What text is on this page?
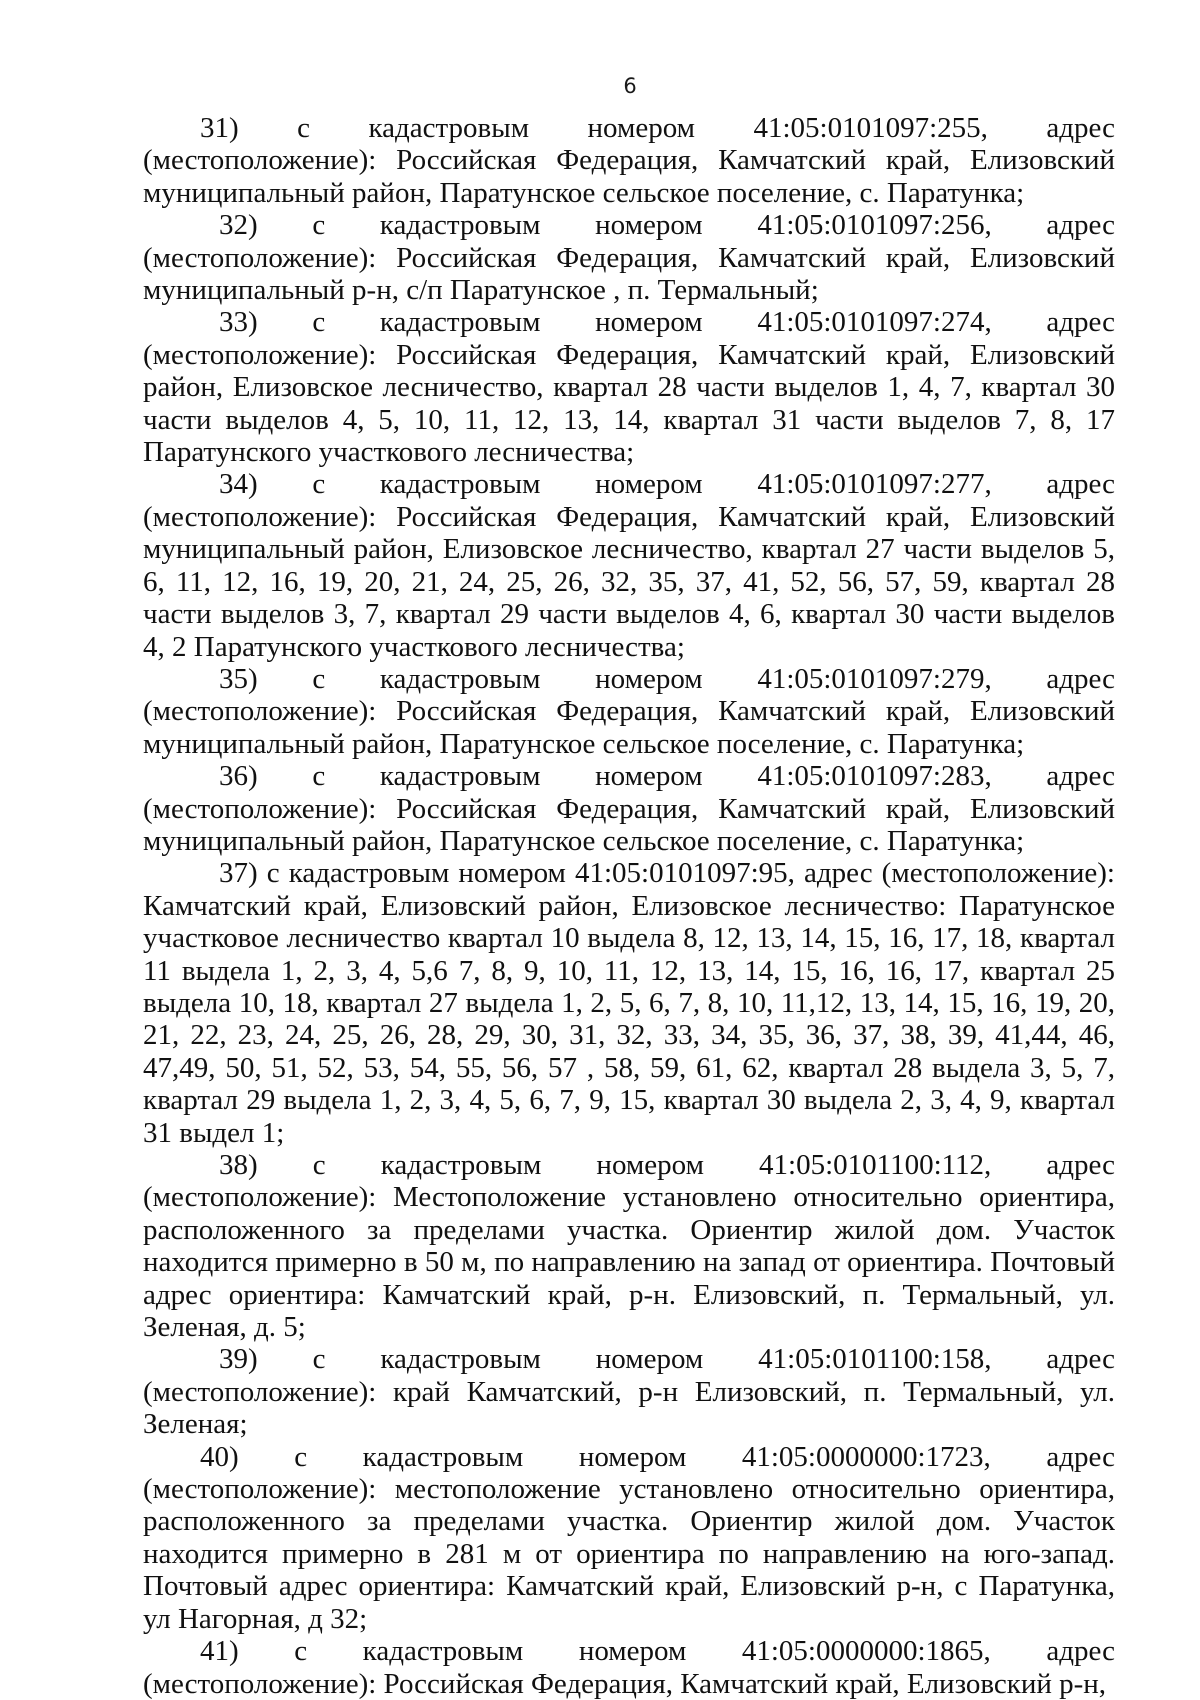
6
31) с кадастровым номером 41:05:0101097:255, адрес
(местоположение): Российская Федерация, Камчатский край, Елизовский муниципальный район, Паратунское сельское поселение, с. Паратунка;

32) с кадастровым номером 41:05:0101097:256, адрес (местоположение): Российская Федерация, Камчатский край, Елизовский муниципальный р-н, с/п Паратунское , п. Термальный;

33) с кадастровым номером 41:05:0101097:274, адрес (местоположение): Российская Федерация, Камчатский край, Елизовский район, Елизовское лесничество, квартал 28 части выделов 1, 4, 7, квартал 30 части выделов 4, 5, 10, 11, 12, 13, 14, квартал 31 части выделов 7, 8, 17 Паратунского участкового лесничества;

34) с кадастровым номером 41:05:0101097:277, адрес (местоположение): Российская Федерация, Камчатский край, Елизовский муниципальный район, Елизовское лесничество, квартал 27 части выделов 5, 6, 11, 12, 16, 19, 20, 21, 24, 25, 26, 32, 35, 37, 41, 52, 56, 57, 59, квартал 28 части выделов 3, 7, квартал 29 части выделов 4, 6, квартал 30 части выделов 4, 2 Паратунского участкового лесничества;

35) с кадастровым номером 41:05:0101097:279, адрес (местоположение): Российская Федерация, Камчатский край, Елизовский муниципальный район, Паратунское сельское поселение, с. Паратунка;

36) с кадастровым номером 41:05:0101097:283, адрес (местоположение): Российская Федерация, Камчатский край, Елизовский муниципальный район, Паратунское сельское поселение, с. Паратунка;

37) с кадастровым номером 41:05:0101097:95, адрес (местоположение): Камчатский край, Елизовский район, Елизовское лесничество: Паратунское участковое лесничество квартал 10 выдела 8, 12, 13, 14, 15, 16, 17, 18, квартал 11 выдела 1, 2, 3, 4, 5,6 7, 8, 9, 10, 11, 12, 13, 14, 15, 16, 16, 17, квартал 25 выдела 10, 18, квартал 27 выдела 1, 2, 5, 6, 7, 8, 10, 11,12, 13, 14, 15, 16, 19, 20, 21, 22, 23, 24, 25, 26, 28, 29, 30, 31, 32, 33, 34, 35, 36, 37, 38, 39, 41,44, 46, 47,49, 50, 51, 52, 53, 54, 55, 56, 57 , 58, 59, 61, 62, квартал 28 выдела 3, 5, 7, квартал 29 выдела 1, 2, 3, 4, 5, 6, 7, 9, 15, квартал 30 выдела 2, 3, 4, 9, квартал 31 выдел 1;

38) с кадастровым номером 41:05:0101100:112, адрес (местоположение): Местоположение установлено относительно ориентира, расположенного за пределами участка. Ориентир жилой дом. Участок находится примерно в 50 м, по направлению на запад от ориентира. Почтовый адрес ориентира: Камчатский край, р-н. Елизовский, п. Термальный, ул. Зеленая, д. 5;

39) с кадастровым номером 41:05:0101100:158, адрес (местоположение): край Камчатский, р-н Елизовский, п. Термальный, ул. Зеленая;

40) с кадастровым номером 41:05:0000000:1723, адрес
(местоположение): местоположение установлено относительно ориентира, расположенного за пределами участка. Ориентир жилой дом. Участок находится примерно в 281 м от ориентира по направлению на юго-запад. Почтовый адрес ориентира: Камчатский край, Елизовский р-н, с Паратунка, ул Нагорная, д 32;
41) с кадастровым номером 41:05:0000000:1865, адрес
(местоположение): Российская Федерация, Камчатский край, Елизовский р-н,
